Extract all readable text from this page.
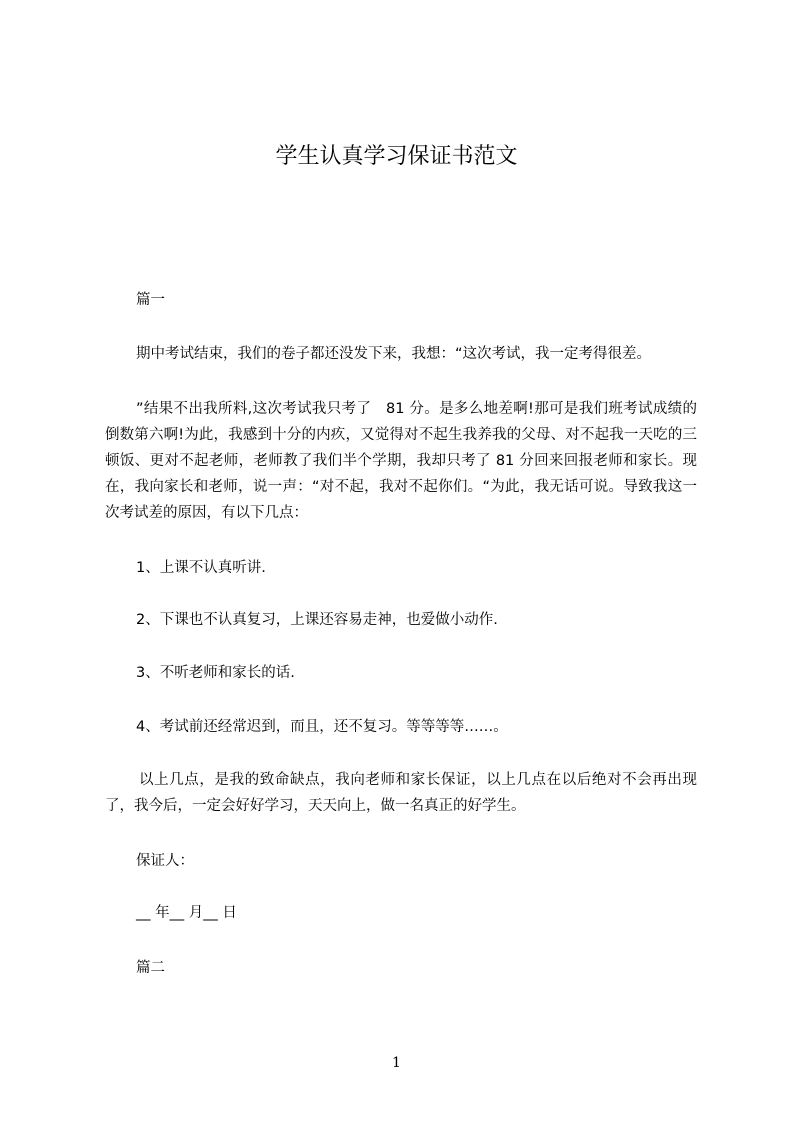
学生认真学习保证书范文

篇一

期中考试结束，我们的卷子都还没发下来，我想：“这次考试，我一定考得很差。

”结果不出我所料,这次考试我只考了　81 分。是多么地差啊!那可是我们班考试成绩的倒数第六啊!为此，我感到十分的内疚，又觉得对不起生我养我的父母、对不起我一天吃的三顿饭、更对不起老师，老师教了我们半个学期，我却只考了 81 分回来回报老师和家长。现在，我向家长和老师，说一声：“对不起，我对不起你们。“为此，我无话可说。导致我这一次考试差的原因，有以下几点：

1、上课不认真听讲.

2、下课也不认真复习，上课还容易走神，也爱做小动作.

3、不听老师和家长的话.

4、考试前还经常迟到，而且，还不复习。等等等等……。

以上几点，是我的致命缺点，我向老师和家长保证，以上几点在以后绝对不会再出现了，我今后，一定会好好学习，天天向上，做一名真正的好学生。

保证人：

__ 年__ 月__ 日

篇二

1
